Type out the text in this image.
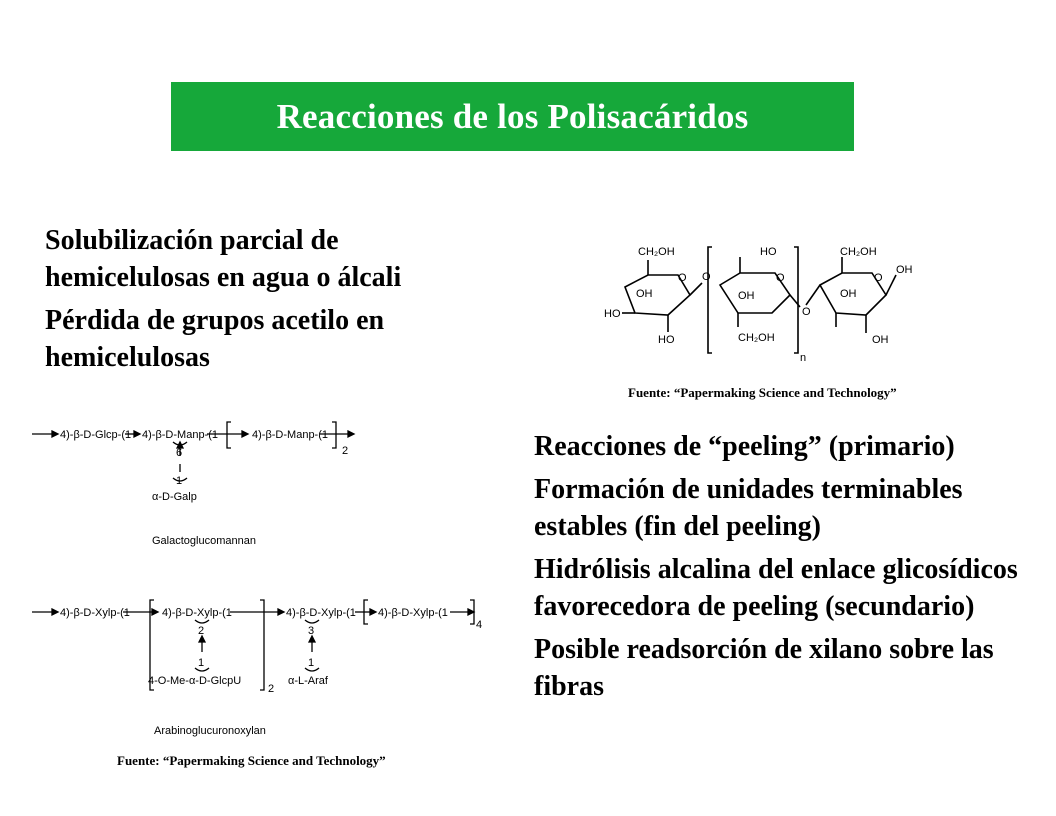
Reacciones de los Polisacáridos
Solubilización parcial de hemicelulosas en agua o álcali
Pérdida de grupos acetilo en hemicelulosas
CH₂OH
O O
OH
HO
HO
HO
O
OH
CH₂OH
O
n
CH₂OH
O
OH
OH
OH
Fuente: “Papermaking Science and Technology”
4)-β-D-Glcp-(1 4)-β-D-Manp-(1	4)-β-D-Manp-(1
2
6
1
α-D-Galp
Galactoglucomannan
4)-β-D-Xylp-(1	4)-β-D-Xylp-(1	4)-β-D-Xylp-(1 4)-β-D-Xylp-(1
2
1
4-O-Me-α-D-GlcpU
2
3
1
α-L-Araf
4
Arabinoglucuronoxylan
Fuente: “Papermaking Science and Technology”
Reacciones de “peeling” (primario)
Formación de unidades terminables estables (fin del peeling)
Hidrólisis alcalina del enlace glicosídicos favorecedora de peeling (secundario)
Posible readsorción de xilano sobre las fibras
